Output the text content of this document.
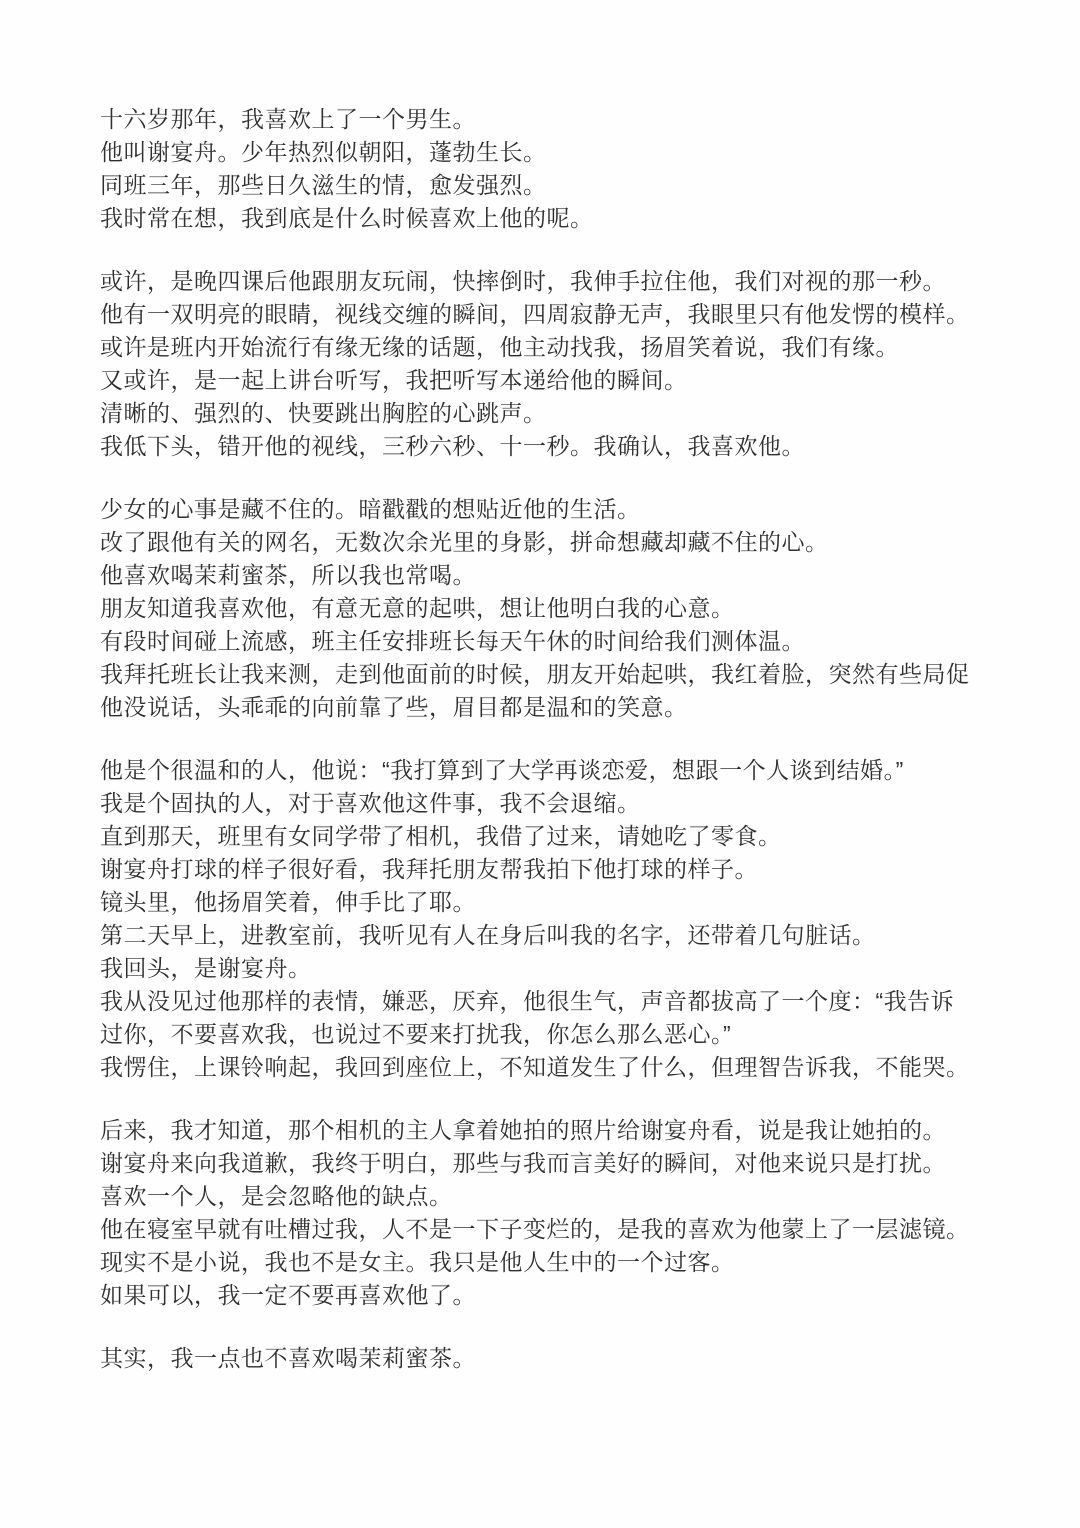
十六岁那年，我喜欢上了一个男生。
他叫谢宴舟。少年热烈似朝阳，蓬勃生长。
同班三年，那些日久滋生的情，愈发强烈。
我时常在想，我到底是什么时候喜欢上他的呢。
或许，是晚四课后他跟朋友玩闹，快摔倒时，我伸手拉住他，我们对视的那一秒。
他有一双明亮的眼睛，视线交缠的瞬间，四周寂静无声，我眼里只有他发愣的模样。
或许是班内开始流行有缘无缘的话题，他主动找我，扬眉笑着说，我们有缘。
又或许，是一起上讲台听写，我把听写本递给他的瞬间。
清晰的、强烈的、快要跳出胸腔的心跳声。
我低下头，错开他的视线，三秒六秒、十一秒。我确认，我喜欢他。
少女的心事是藏不住的。暗戳戳的想贴近他的生活。
改了跟他有关的网名，无数次余光里的身影，拼命想藏却藏不住的心。
他喜欢喝茉莉蜜茶，所以我也常喝。
朋友知道我喜欢他，有意无意的起哄，想让他明白我的心意。
有段时间碰上流感，班主任安排班长每天午休的时间给我们测体温。
我拜托班长让我来测，走到他面前的时候，朋友开始起哄，我红着脸，突然有些局促
他没说话，头乖乖的向前靠了些，眉目都是温和的笑意。
他是个很温和的人，他说：“我打算到了大学再谈恋爱，想跟一个人谈到结婚。”
我是个固执的人，对于喜欢他这件事，我不会退缩。
直到那天，班里有女同学带了相机，我借了过来，请她吃了零食。
谢宴舟打球的样子很好看，我拜托朋友帮我拍下他打球的样子。
镜头里，他扬眉笑着，伸手比了耶。
第二天早上，进教室前，我听见有人在身后叫我的名字，还带着几句脏话。
我回头，是谢宴舟。
我从没见过他那样的表情，嫌恶，厌弃，他很生气，声音都拔高了一个度：“我告诉
过你，不要喜欢我，也说过不要来打扰我，你怎么那么恶心。”
我愣住，上课铃响起，我回到座位上，不知道发生了什么，但理智告诉我，不能哭。
后来，我才知道，那个相机的主人拿着她拍的照片给谢宴舟看，说是我让她拍的。
谢宴舟来向我道歉，我终于明白，那些与我而言美好的瞬间，对他来说只是打扰。
喜欢一个人，是会忽略他的缺点。
他在寝室早就有吐槽过我，人不是一下子变烂的，是我的喜欢为他蒙上了一层滤镜。
现实不是小说，我也不是女主。我只是他人生中的一个过客。
如果可以，我一定不要再喜欢他了。
其实，我一点也不喜欢喝茉莉蜜茶。
